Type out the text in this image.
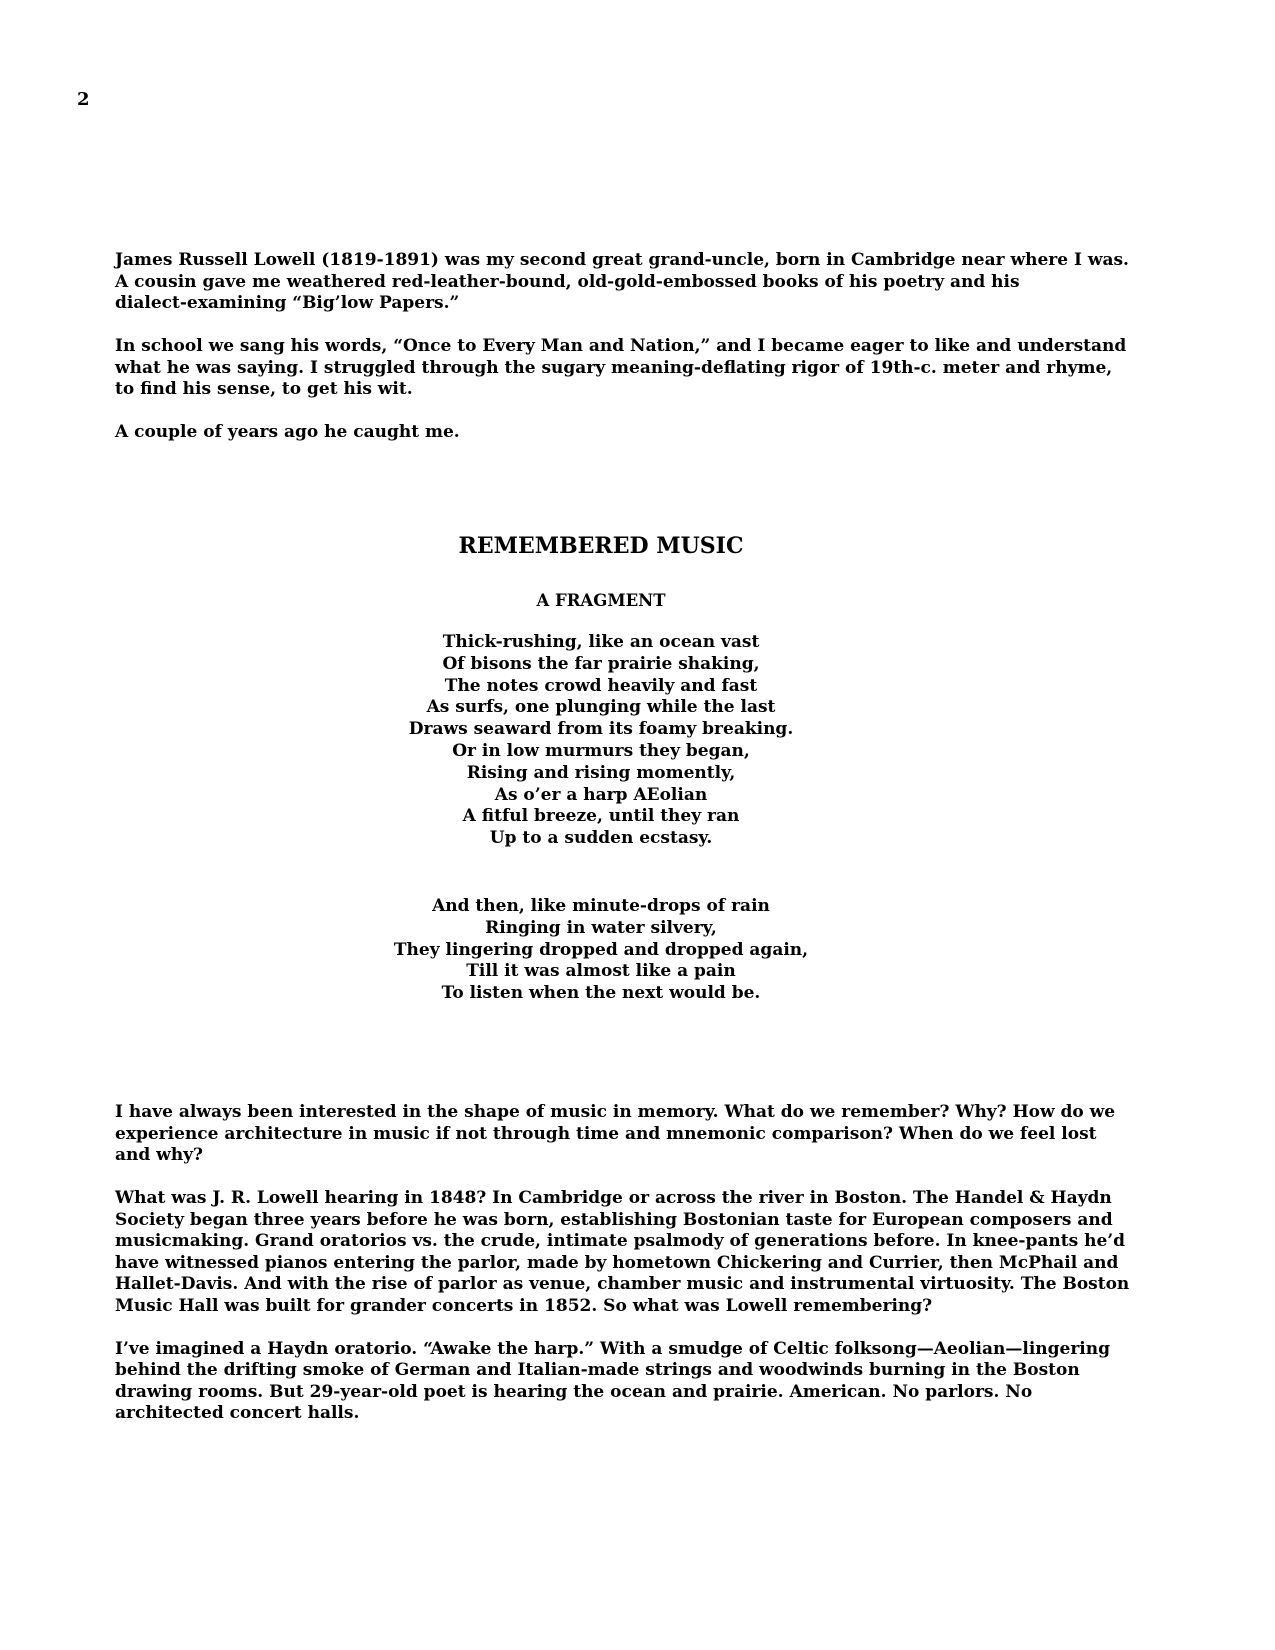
2

James Russell Lowell (1819-1891) was my second great grand-uncle, born in Cambridge near where I was.
A cousin gave me weathered red-leather-bound, old-gold-embossed books of his poetry and his
dialect-examining “Big’low Papers.”

In school we sang his words, “Once to Every Man and Nation,” and I became eager to like and understand
what he was saying. I struggled through the sugary meaning-deflating rigor of 19th-c. meter and rhyme,
to find his sense, to get his wit.

A couple of years ago he caught me.

REMEMBERED MUSIC
A FRAGMENT
Thick-rushing, like an ocean vast
Of bisons the far prairie shaking,
The notes crowd heavily and fast
As surfs, one plunging while the last
Draws seaward from its foamy breaking.
Or in low murmurs they began,
Rising and rising momently,
As o’er a harp AEolian
A fitful breeze, until they ran
Up to a sudden ecstasy.
And then, like minute-drops of rain
Ringing in water silvery,
They lingering dropped and dropped again,
Till it was almost like a pain
To listen when the next would be.

I have always been interested in the shape of music in memory. What do we remember? Why? How do we
experience architecture in music if not through time and mnemonic comparison? When do we feel lost
and why?

What was J. R. Lowell hearing in 1848? In Cambridge or across the river in Boston. The Handel & Haydn
Society began three years before he was born, establishing Bostonian taste for European composers and
musicmaking. Grand oratorios vs. the crude, intimate psalmody of generations before. In knee-pants he’d
have witnessed pianos entering the parlor, made by hometown Chickering and Currier, then McPhail and
Hallet-Davis. And with the rise of parlor as venue, chamber music and instrumental virtuosity. The Boston
Music Hall was built for grander concerts in 1852. So what was Lowell remembering?

I’ve imagined a Haydn oratorio. “Awake the harp.” With a smudge of Celtic folksong—Aeolian—lingering
behind the drifting smoke of German and Italian-made strings and woodwinds burning in the Boston
drawing rooms. But 29-year-old poet is hearing the ocean and prairie. American. No parlors. No
architected concert halls.
